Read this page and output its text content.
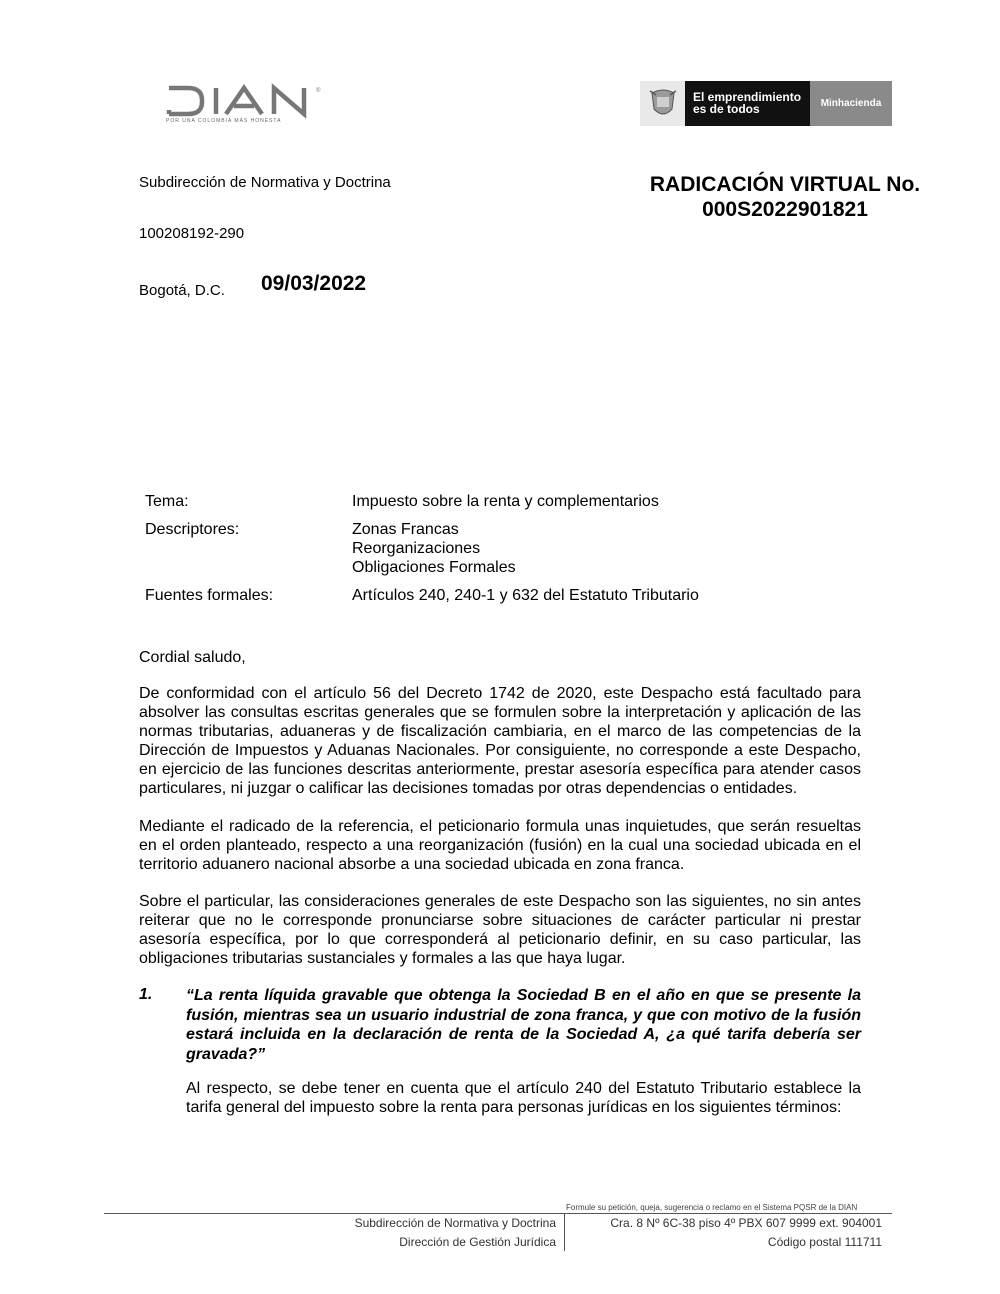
®
POR UNA COLOMBIA MÁS HONESTA
El emprendimiento
es de todos	Minhacienda
Subdirección de Normativa y Doctrina	RADICACIÓN VIRTUAL No.
000S2022901821
100208192-290
Bogotá, D.C. 09/03/2022
Tema:	Impuesto sobre la renta y complementarios
Descriptores:	Zonas Francas
Reorganizaciones
Obligaciones Formales
Fuentes formales:	Artículos 240, 240-1 y 632 del Estatuto Tributario
Cordial saludo,
De conformidad con el artículo 56 del Decreto 1742 de 2020, este Despacho está facultado para absolver las consultas escritas generales que se formulen sobre la interpretación y aplicación de las normas tributarias, aduaneras y de fiscalización cambiaria, en el marco de las competencias de la Dirección de Impuestos y Aduanas Nacionales. Por consiguiente, no corresponde a este Despacho, en ejercicio de las funciones descritas anteriormente, prestar asesoría específica para atender casos particulares, ni juzgar o calificar las decisiones tomadas por otras dependencias o entidades.
Mediante el radicado de la referencia, el peticionario formula unas inquietudes, que serán resueltas en el orden planteado, respecto a una reorganización (fusión) en la cual una sociedad ubicada en el territorio aduanero nacional absorbe a una sociedad ubicada en zona franca.
Sobre el particular, las consideraciones generales de este Despacho son las siguientes, no sin antes reiterar que no le corresponde pronunciarse sobre situaciones de carácter particular ni prestar asesoría específica, por lo que corresponderá al peticionario definir, en su caso particular, las obligaciones tributarias sustanciales y formales a las que haya lugar.
1. “La renta líquida gravable que obtenga la Sociedad B en el año en que se presente la fusión, mientras sea un usuario industrial de zona franca, y que con motivo de la fusión estará incluida en la declaración de renta de la Sociedad A, ¿a qué tarifa debería ser gravada?”
Al respecto, se debe tener en cuenta que el artículo 240 del Estatuto Tributario establece la tarifa general del impuesto sobre la renta para personas jurídicas en los siguientes términos:
Formule su petición, queja, sugerencia o reclamo en el Sistema PQSR de la DIAN
Subdirección de Normativa y Doctrina
Dirección de Gestión Jurídica
Cra. 8 Nº 6C-38 piso 4º PBX 607 9999 ext. 904001
Código postal 111711
